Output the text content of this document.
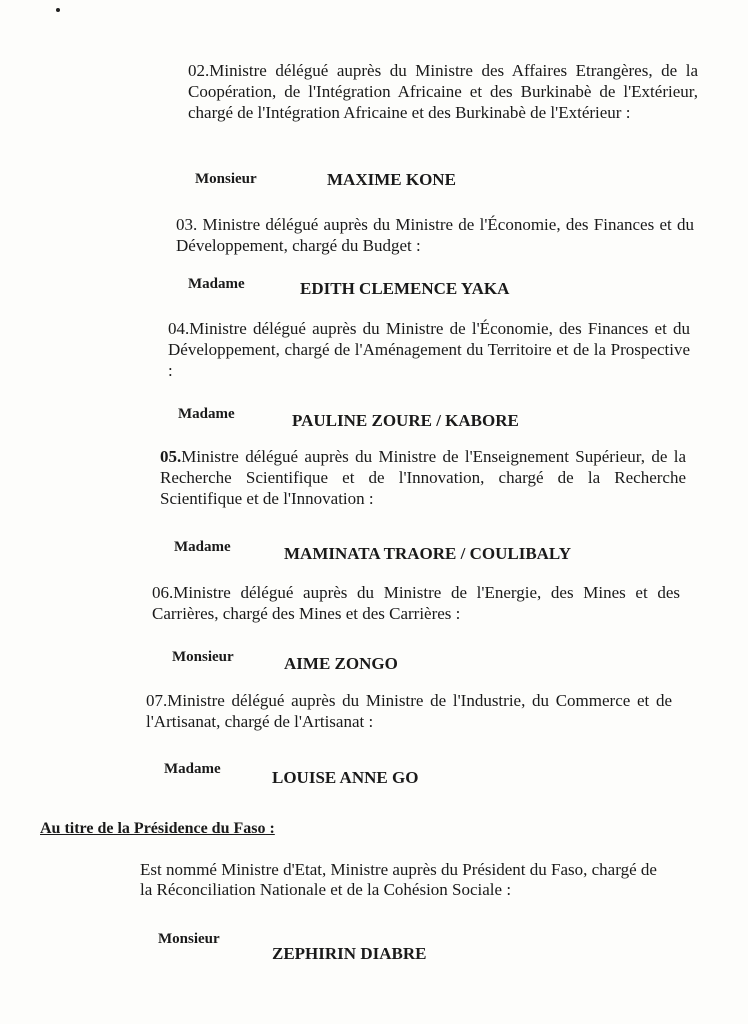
02.Ministre délégué auprès du Ministre des Affaires Etrangères, de la Coopération, de l'Intégration Africaine et des Burkinabè de l'Extérieur, chargé de l'Intégration Africaine et des Burkinabè de l'Extérieur :
Monsieur	MAXIME KONE
03. Ministre délégué auprès du Ministre de l'Économie, des Finances et du Développement, chargé du Budget :
Madame	EDITH CLEMENCE YAKA
04.Ministre délégué auprès du Ministre de l'Économie, des Finances et du Développement, chargé de l'Aménagement du Territoire et de la Prospective :
Madame	PAULINE ZOURE / KABORE
05.Ministre délégué auprès du Ministre de l'Enseignement Supérieur, de la Recherche Scientifique et de l'Innovation, chargé de la Recherche Scientifique et de l'Innovation :
Madame	MAMINATA TRAORE / COULIBALY
06.Ministre délégué auprès du Ministre de l'Energie, des Mines et des Carrières, chargé des Mines et des Carrières :
Monsieur	AIME ZONGO
07.Ministre délégué auprès du Ministre de l'Industrie, du Commerce et de l'Artisanat, chargé de l'Artisanat :
Madame	LOUISE ANNE GO
Au titre de la Présidence du Faso :
Est nommé Ministre d'Etat, Ministre auprès du Président du Faso, chargé de la Réconciliation Nationale et de la Cohésion Sociale :
Monsieur
ZEPHIRIN DIABRE
